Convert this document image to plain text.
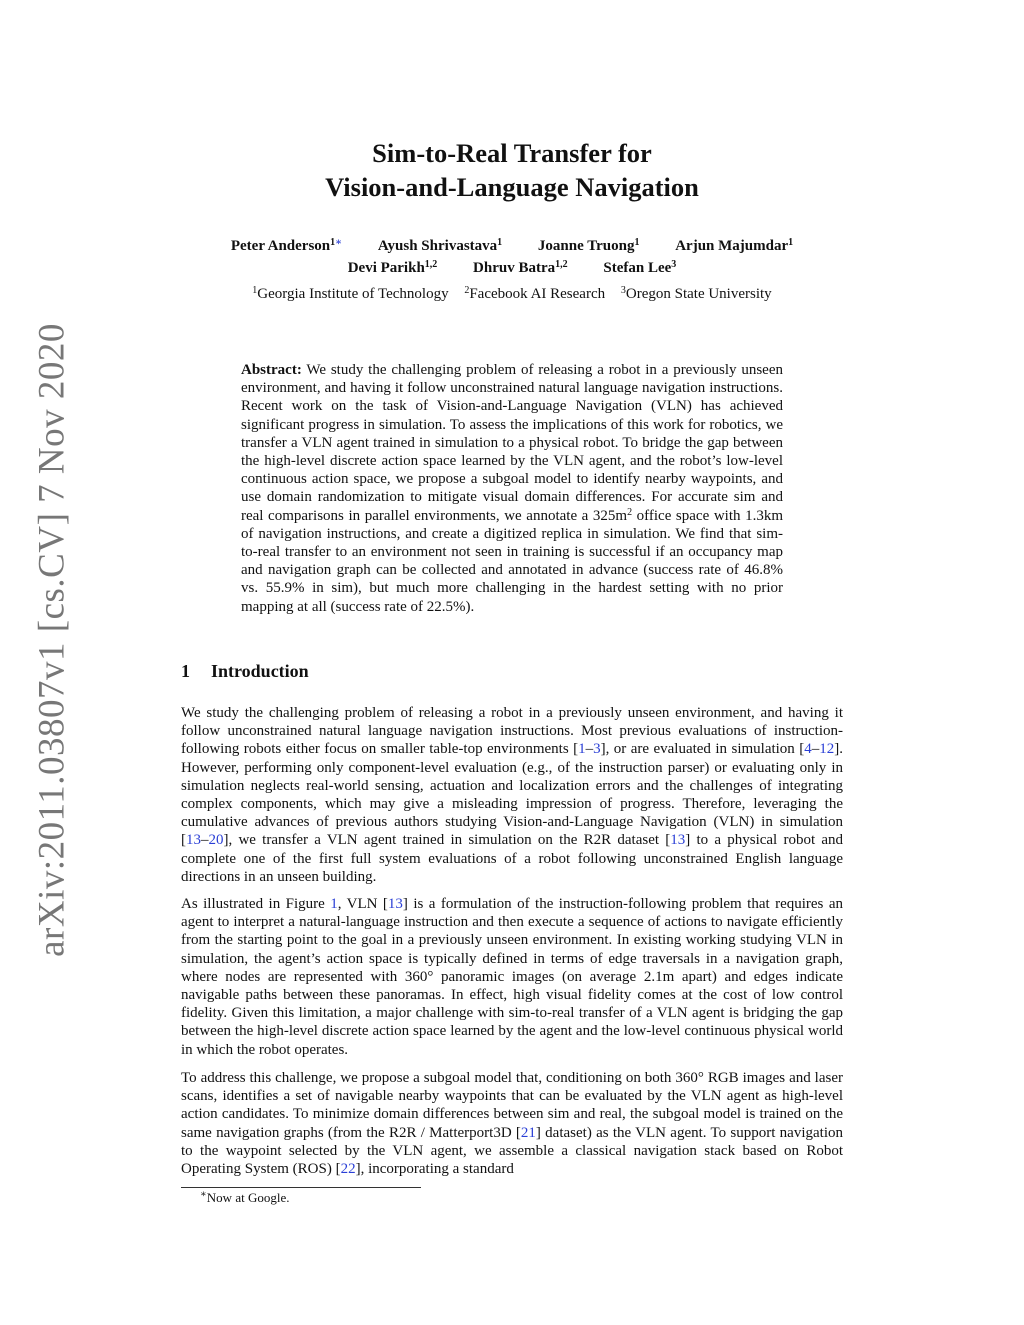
arXiv:2011.03807v1 [cs.CV] 7 Nov 2020
Sim-to-Real Transfer for
Vision-and-Language Navigation
Peter Anderson$^{1∗}$ Ayush Shrivastava$^1$ Joanne Truong$^1$ Arjun Majumdar$^1$
Devi Parikh$^{1,2}$ Dhruv Batra$^{1,2}$ Stefan Lee$^3$
$^1$Georgia Institute of Technology $^2$Facebook AI Research $^3$Oregon State University

Abstract: We study the challenging problem of releasing a robot in a previously unseen environment, and having it follow unconstrained natural language navigation instructions. Recent work on the task of Vision-and-Language Navigation (VLN) has achieved significant progress in simulation. To assess the implications of this work for robotics, we transfer a VLN agent trained in simulation to a physical robot. To bridge the gap between the high-level discrete action space learned by the VLN agent, and the robot’s low-level continuous action space, we propose a subgoal model to identify nearby waypoints, and use domain randomization to mitigate visual domain differences. For accurate sim and real comparisons in parallel environments, we annotate a $325m^2$ office space with 1.3km of navigation instructions, and create a digitized replica in simulation. We find that sim-to-real transfer to an environment not seen in training is successful if an occupancy map and navigation graph can be collected and annotated in advance (success rate of 46.8% vs. 55.9% in sim), but much more challenging in the hardest setting with no prior mapping at all (success rate of 22.5%).

1 Introduction

We study the challenging problem of releasing a robot in a previously unseen environment, and having it follow unconstrained natural language navigation instructions. Most previous evaluations of instruction-following robots either focus on smaller table-top environments [1–3], or are evaluated in simulation [4–12]. However, performing only component-level evaluation (e.g., of the instruction parser) or evaluating only in simulation neglects real-world sensing, actuation and localization errors and the challenges of integrating complex components, which may give a misleading impression of progress. Therefore, leveraging the cumulative advances of previous authors studying Vision-and-Language Navigation (VLN) in simulation [13–20], we transfer a VLN agent trained in simulation on the R2R dataset [13] to a physical robot and complete one of the first full system evaluations of a robot following unconstrained English language directions in an unseen building.

As illustrated in Figure 1, VLN [13] is a formulation of the instruction-following problem that requires an agent to interpret a natural-language instruction and then execute a sequence of actions to navigate efficiently from the starting point to the goal in a previously unseen environment. In existing working studying VLN in simulation, the agent’s action space is typically defined in terms of edge traversals in a navigation graph, where nodes are represented with 360° panoramic images (on average 2.1m apart) and edges indicate navigable paths between these panoramas. In effect, high visual fidelity comes at the cost of low control fidelity. Given this limitation, a major challenge with sim-to-real transfer of a VLN agent is bridging the gap between the high-level discrete action space learned by the agent and the low-level continuous physical world in which the robot operates.

To address this challenge, we propose a subgoal model that, conditioning on both 360° RGB images and laser scans, identifies a set of navigable nearby waypoints that can be evaluated by the VLN agent as high-level action candidates. To minimize domain differences between sim and real, the subgoal model is trained on the same navigation graphs (from the R2R / Matterport3D [21] dataset) as the VLN agent. To support navigation to the waypoint selected by the VLN agent, we assemble a classical navigation stack based on Robot Operating System (ROS) [22], incorporating a standard

∗Now at Google.
